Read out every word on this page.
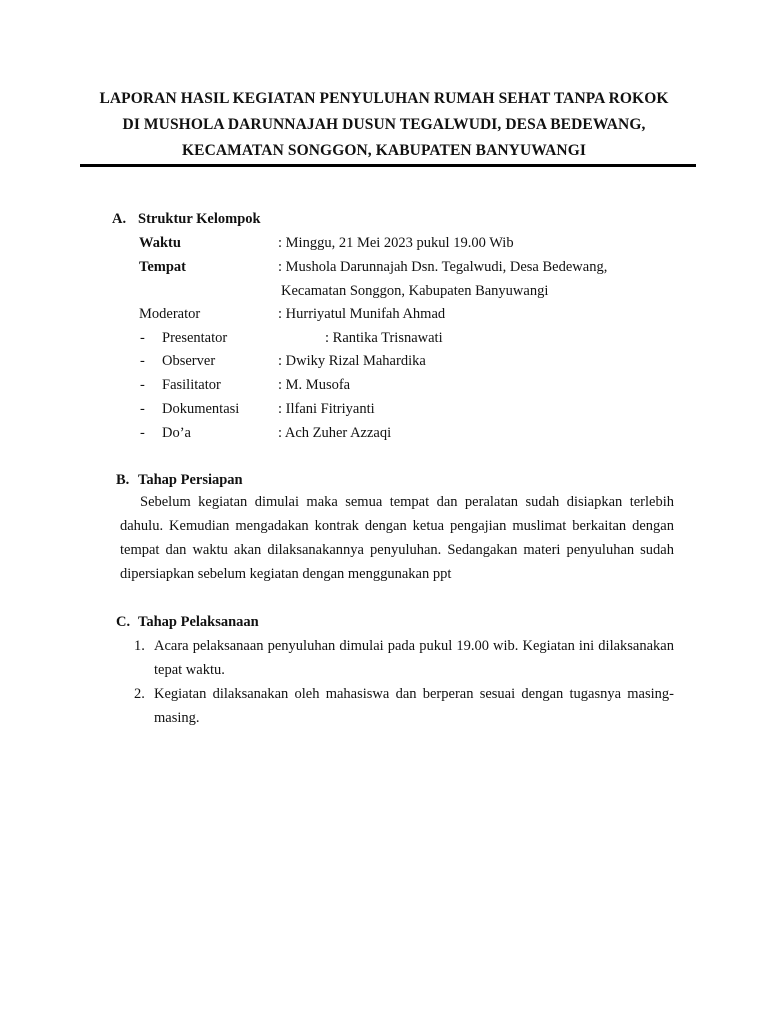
LAPORAN HASIL KEGIATAN PENYULUHAN RUMAH SEHAT TANPA ROKOK
DI MUSHOLA DARUNNAJAH DUSUN TEGALWUDI, DESA BEDEWANG,
KECAMATAN SONGGON, KABUPATEN BANYUWANGI
A. Struktur Kelompok
Waktu	: Minggu, 21 Mei 2023 pukul 19.00 Wib
Tempat	: Mushola Darunnajah Dsn. Tegalwudi, Desa Bedewang,
Kecamatan Songgon, Kabupaten Banyuwangi
Moderator	: Hurriyatul Munifah Ahmad
- Presentator	: Rantika Trisnawati
- Observer	: Dwiky Rizal Mahardika
- Fasilitator	: M. Musofa
- Dokumentasi	: Ilfani Fitriyanti
- Do’a	: Ach Zuher Azzaqi
B. Tahap Persiapan
Sebelum kegiatan dimulai maka semua tempat dan peralatan sudah disiapkan terlebih dahulu. Kemudian mengadakan kontrak dengan ketua pengajian muslimat berkaitan dengan tempat dan waktu akan dilaksanakannya penyuluhan. Sedangakan materi penyuluhan sudah dipersiapkan sebelum kegiatan dengan menggunakan ppt
C. Tahap Pelaksanaan
1. Acara pelaksanaan penyuluhan dimulai pada pukul 19.00 wib. Kegiatan ini dilaksanakan tepat waktu.
2. Kegiatan dilaksanakan oleh mahasiswa dan berperan sesuai dengan tugasnya masing-masing.
